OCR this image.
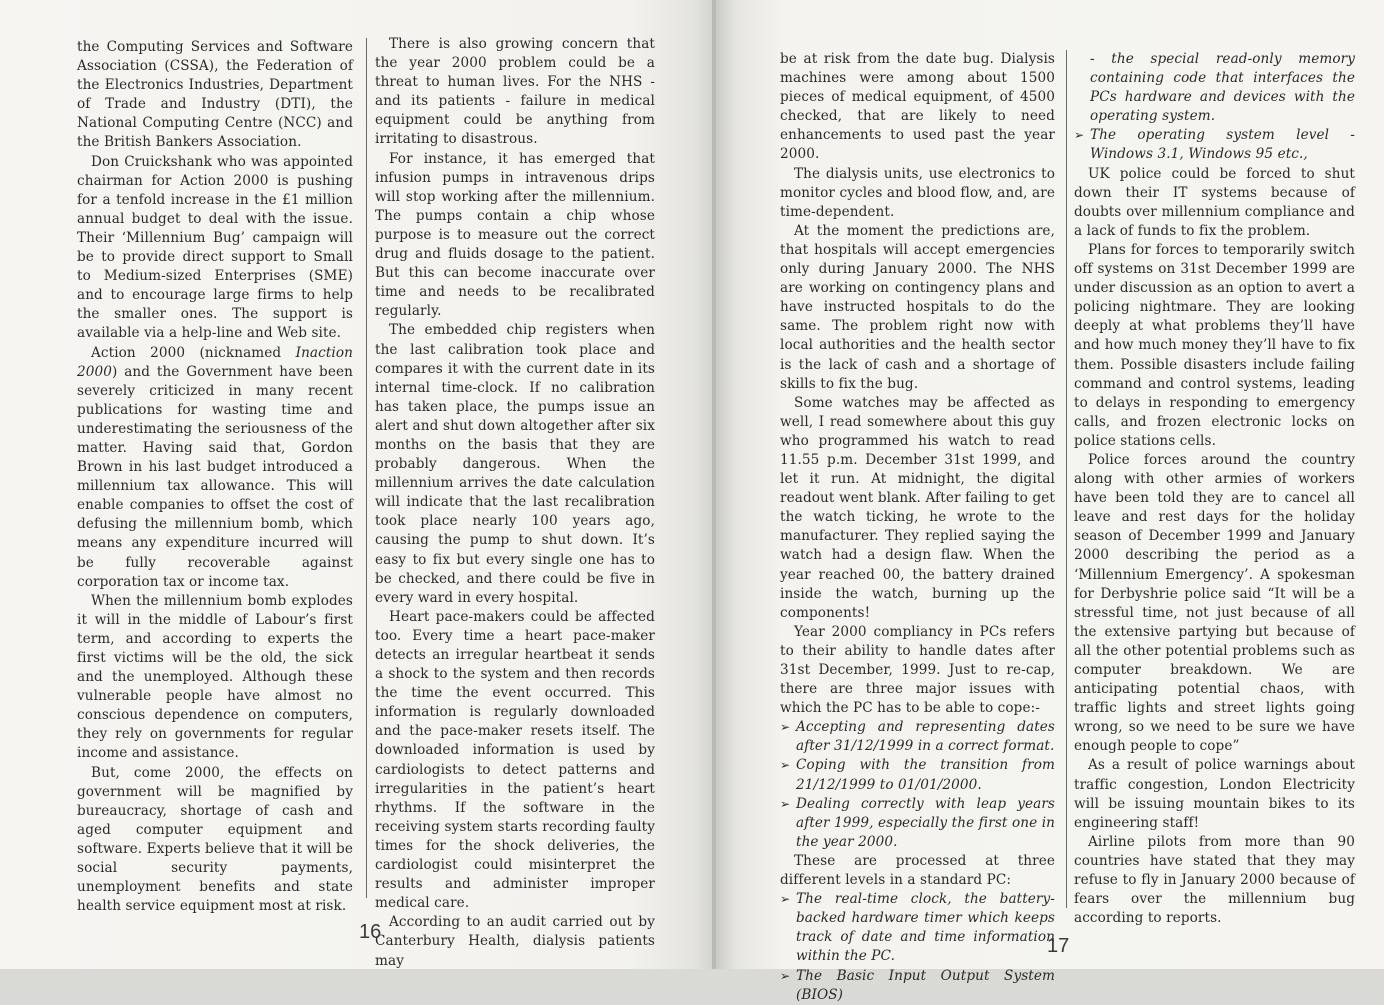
the Computing Services and Software Association (CSSA), the Federation of the Electronics Industries, Department of Trade and Industry (DTI), the National Computing Centre (NCC) and the British Bankers Association.

Don Cruickshank who was appointed chairman for Action 2000 is pushing for a tenfold increase in the £1 million annual budget to deal with the issue. Their ‘Millennium Bug’ campaign will be to provide direct support to Small to Medium-sized Enterprises (SME) and to encourage large firms to help the smaller ones. The support is available via a help-line and Web site.

Action 2000 (nicknamed Inaction 2000) and the Government have been severely criticized in many recent publications for wasting time and underestimating the seriousness of the matter. Having said that, Gordon Brown in his last budget introduced a millennium tax allowance. This will enable companies to offset the cost of defusing the millennium bomb, which means any expenditure incurred will be fully recoverable against corporation tax or income tax.

When the millennium bomb explodes it will in the middle of Labour’s first term, and according to experts the first victims will be the old, the sick and the unemployed. Although these vulnerable people have almost no conscious dependence on computers, they rely on governments for regular income and assistance.

But, come 2000, the effects on government will be magnified by bureaucracy, shortage of cash and aged computer equipment and software. Experts believe that it will be social security payments, unemployment benefits and state health service equipment most at risk.

There is also growing concern that the year 2000 problem could be a threat to human lives. For the NHS - and its patients - failure in medical equipment could be anything from irritating to disastrous.

For instance, it has emerged that infusion pumps in intravenous drips will stop working after the millennium. The pumps contain a chip whose purpose is to measure out the correct drug and fluids dosage to the patient. But this can become inaccurate over time and needs to be recalibrated regularly.

The embedded chip registers when the last calibration took place and compares it with the current date in its internal time-clock. If no calibration has taken place, the pumps issue an alert and shut down altogether after six months on the basis that they are probably dangerous. When the millennium arrives the date calculation will indicate that the last recalibration took place nearly 100 years ago, causing the pump to shut down. It’s easy to fix but every single one has to be checked, and there could be five in every ward in every hospital.

Heart pace-makers could be affected too. Every time a heart pace-maker detects an irregular heartbeat it sends a shock to the system and then records the time the event occurred. This information is regularly downloaded and the pace-maker resets itself. The downloaded information is used by cardiologists to detect patterns and irregularities in the patient’s heart rhythms. If the software in the receiving system starts recording faulty times for the shock deliveries, the cardiologist could misinterpret the results and administer improper medical care.

According to an audit carried out by Canterbury Health, dialysis patients may

16

be at risk from the date bug. Dialysis machines were among about 1500 pieces of medical equipment, of 4500 checked, that are likely to need enhancements to used past the year 2000.

The dialysis units, use electronics to monitor cycles and blood flow, and, are time-dependent.

At the moment the predictions are, that hospitals will accept emergencies only during January 2000. The NHS are working on contingency plans and have instructed hospitals to do the same. The problem right now with local authorities and the health sector is the lack of cash and a shortage of skills to fix the bug.

Some watches may be affected as well, I read somewhere about this guy who programmed his watch to read 11.55 p.m. December 31st 1999, and let it run. At midnight, the digital readout went blank. After failing to get the watch ticking, he wrote to the manufacturer. They replied saying the watch had a design flaw. When the year reached 00, the battery drained inside the watch, burning up the components!

Year 2000 compliancy in PCs refers to their ability to handle dates after 31st December, 1999. Just to re-cap, there are three major issues with which the PC has to be able to cope:-

➢ Accepting and representing dates after 31/12/1999 in a correct format.

➢ Coping with the transition from 21/12/1999 to 01/01/2000.

➢ Dealing correctly with leap years after 1999, especially the first one in the year 2000.

These are processed at three different levels in a standard PC:

➢ The real-time clock, the battery-backed hardware timer which keeps track of date and time information within the PC.

➢ The Basic Input Output System (BIOS)

- the special read-only memory containing code that interfaces the PCs hardware and devices with the operating system.

➢ The operating system level - Windows 3.1, Windows 95 etc.,

UK police could be forced to shut down their IT systems because of doubts over millennium compliance and a lack of funds to fix the problem.

Plans for forces to temporarily switch off systems on 31st December 1999 are under discussion as an option to avert a policing nightmare. They are looking deeply at what problems they’ll have and how much money they’ll have to fix them. Possible disasters include failing command and control systems, leading to delays in responding to emergency calls, and frozen electronic locks on police stations cells.

Police forces around the country along with other armies of workers have been told they are to cancel all leave and rest days for the holiday season of December 1999 and January 2000 describing the period as a ‘Millennium Emergency’. A spokesman for Derbyshrie police said “It will be a stressful time, not just because of all the extensive partying but because of all the other potential problems such as computer breakdown. We are anticipating potential chaos, with traffic lights and street lights going wrong, so we need to be sure we have enough people to cope”

As a result of police warnings about traffic congestion, London Electricity will be issuing mountain bikes to its engineering staff!

Airline pilots from more than 90 countries have stated that they may refuse to fly in January 2000 because of fears over the millennium bug according to reports.

17
